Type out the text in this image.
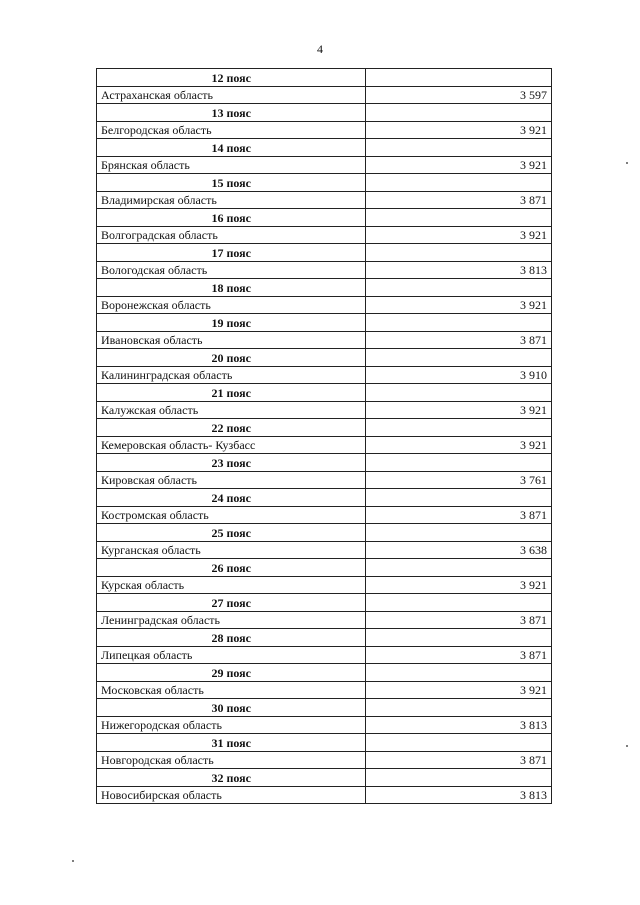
4
12 пояс	
Астраханская область	3 597
13 пояс	
Белгородская область	3 921
14 пояс	
Брянская область	3 921
15 пояс	
Владимирская область	3 871
16 пояс	
Волгоградская область	3 921
17 пояс	
Вологодская область	3 813
18 пояс	
Воронежская область	3 921
19 пояс	
Ивановская область	3 871
20 пояс	
Калининградская область	3 910
21 пояс	
Калужская область	3 921
22 пояс	
Кемеровская область- Кузбасс	3 921
23 пояс	
Кировская область	3 761
24 пояс	
Костромская область	3 871
25 пояс	
Курганская область	3 638
26 пояс	
Курская область	3 921
27 пояс	
Ленинградская область	3 871
28 пояс	
Липецкая область	3 871
29 пояс	
Московская область	3 921
30 пояс	
Нижегородская область	3 813
31 пояс	
Новгородская область	3 871
32 пояс	
Новосибирская область	3 813
